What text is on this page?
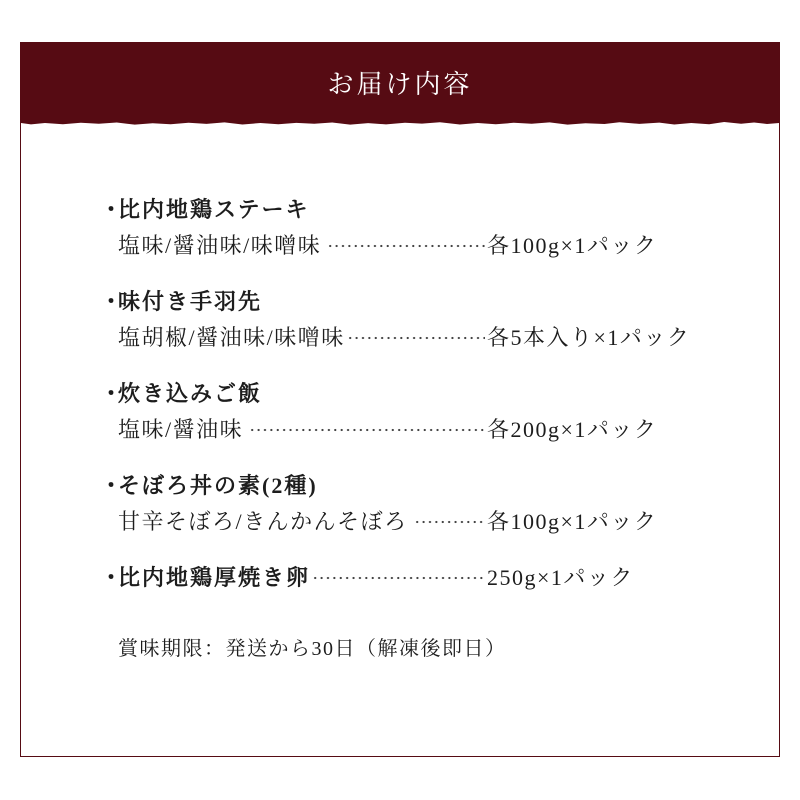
お届け内容
・
比内地鶏ステーキ
塩味/醤油味/味噌味	各100g×1パック
・
味付き手羽先
塩胡椒/醤油味/味噌味	各5本入り×1パック
・
炊き込みご飯
塩味/醤油味	各200g×1パック
・
そぼろ丼の素(2種)
甘辛そぼろ/きんかんそぼろ	各100g×1パック
・
比内地鶏厚焼き卵	250g×1パック
賞味期限：発送から30日（解凍後即日）
